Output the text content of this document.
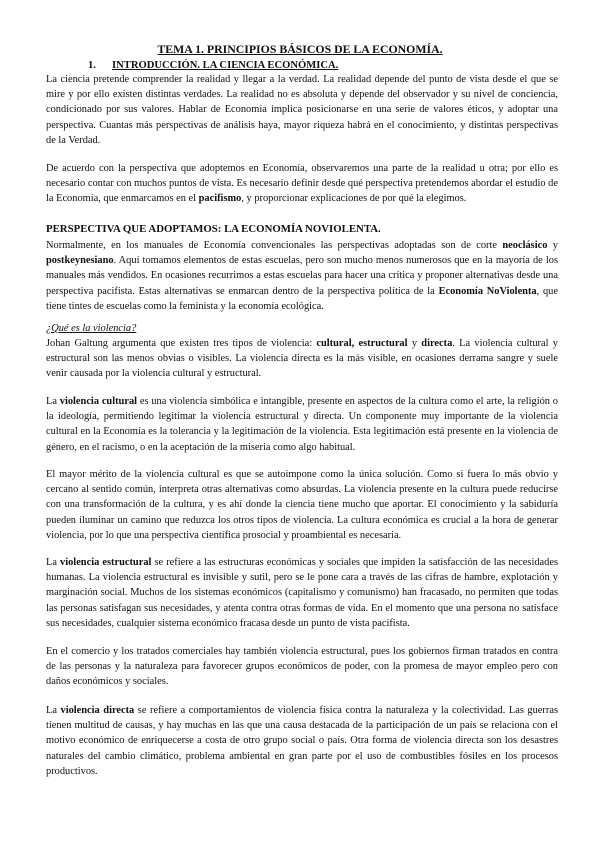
TEMA 1. PRINCIPIOS BÁSICOS DE LA ECONOMÍA.
1. INTRODUCCIÓN. LA CIENCIA ECONÓMICA.

La ciencia pretende comprender la realidad y llegar a la verdad. La realidad depende del punto de vista desde el que se mire y por ello existen distintas verdades. La realidad no es absoluta y depende del observador y su nivel de conciencia, condicionado por sus valores. Hablar de Economía implica posicionarse en una serie de valores éticos, y adoptar una perspectiva. Cuantas más perspectivas de análisis haya, mayor riqueza habrá en el conocimiento, y distintas perspectivas de la Verdad.

De acuerdo con la perspectiva que adoptemos en Economía, observaremos una parte de la realidad u otra; por ello es necesario contar con muchos puntos de vista. Es necesario definir desde qué perspectiva pretendemos abordar el estudio de la Economía, que enmarcamos en el pacifismo, y proporcionar explicaciones de por qué la elegimos.

PERSPECTIVA QUE ADOPTAMOS: LA ECONOMÍA NOVIOLENTA.

Normalmente, en los manuales de Economía convencionales las perspectivas adoptadas son de corte neoclásico y postkeynesiano. Aquí tomamos elementos de estas escuelas, pero son mucho menos numerosos que en la mayoría de los manuales más vendidos. En ocasiones recurrimos a estas escuelas para hacer una crítica y proponer alternativas desde una perspectiva pacifista. Estas alternativas se enmarcan dentro de la perspectiva política de la Economía NoViolenta, que tiene tintes de escuelas como la feminista y la economía ecológica.

¿Qué es la violencia?

Johan Galtung argumenta que existen tres tipos de violencia: cultural, estructural y directa. La violencia cultural y estructural son las menos obvias o visibles. La violencia directa es la más visible, en ocasiones derrama sangre y suele venir causada por la violencia cultural y estructural.

La violencia cultural es una violencia simbólica e intangible, presente en aspectos de la cultura como el arte, la religión o la ideología, permitiendo legitimar la violencia estructural y directa. Un componente muy importante de la violencia cultural en la Economía es la tolerancia y la legitimación de la violencia. Esta legitimación está presente en la violencia de género, en el racismo, o en la aceptación de la miseria como algo habitual.

El mayor mérito de la violencia cultural es que se autoimpone como la única solución. Como si fuera lo más obvio y cercano al sentido común, interpreta otras alternativas como absurdas. La violencia presente en la cultura puede reducirse con una transformación de la cultura, y es ahí donde la ciencia tiene mucho que aportar. El conocimiento y la sabiduría pueden iluminar un camino que reduzca los otros tipos de violencia. La cultura económica es crucial a la hora de generar violencia, por lo que una perspectiva científica prosocial y proambiental es necesaria.

La violencia estructural se refiere a las estructuras económicas y sociales que impiden la satisfacción de las necesidades humanas. La violencia estructural es invisible y sutil, pero se le pone cara a través de las cifras de hambre, explotación y marginación social. Muchos de los sistemas económicos (capitalismo y comunismo) han fracasado, no permiten que todas las personas satisfagan sus necesidades, y atenta contra otras formas de vida. En el momento que una persona no satisface sus necesidades, cualquier sistema económico fracasa desde un punto de vista pacifista.

En el comercio y los tratados comerciales hay también violencia estructural, pues los gobiernos firman tratados en contra de las personas y la naturaleza para favorecer grupos económicos de poder, con la promesa de mayor empleo pero con daños económicos y sociales.

La violencia directa se refiere a comportamientos de violencia física contra la naturaleza y la colectividad. Las guerras tienen multitud de causas, y hay muchas en las que una causa destacada de la participación de un país se relaciona con el motivo económico de enriquecerse a costa de otro grupo social o país. Otra forma de violencia directa son los desastres naturales del cambio climático, problema ambiental en gran parte por el uso de combustibles fósiles en los procesos productivos.
